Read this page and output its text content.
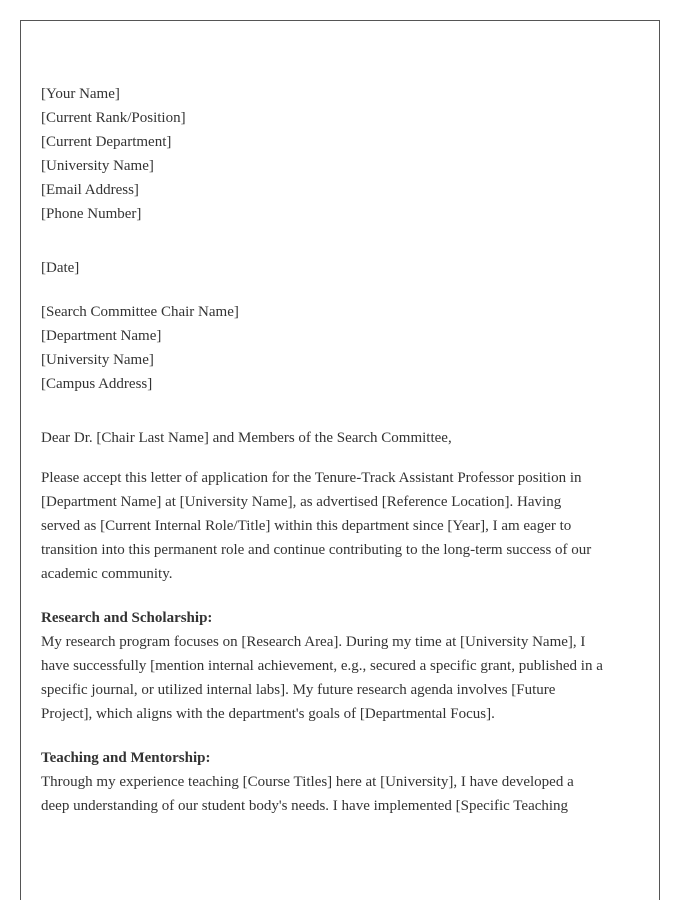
[Your Name]
[Current Rank/Position]
[Current Department]
[University Name]
[Email Address]
[Phone Number]
[Date]
[Search Committee Chair Name]
[Department Name]
[University Name]
[Campus Address]
Dear Dr. [Chair Last Name] and Members of the Search Committee,
Please accept this letter of application for the Tenure-Track Assistant Professor position in
[Department Name] at [University Name], as advertised [Reference Location]. Having
served as [Current Internal Role/Title] within this department since [Year], I am eager to
transition into this permanent role and continue contributing to the long-term success of our
academic community.
Research and Scholarship:
My research program focuses on [Research Area]. During my time at [University Name], I
have successfully [mention internal achievement, e.g., secured a specific grant, published in a
specific journal, or utilized internal labs]. My future research agenda involves [Future
Project], which aligns with the department's goals of [Departmental Focus].
Teaching and Mentorship:
Through my experience teaching [Course Titles] here at [University], I have developed a
deep understanding of our student body's needs. I have implemented [Specific Teaching
